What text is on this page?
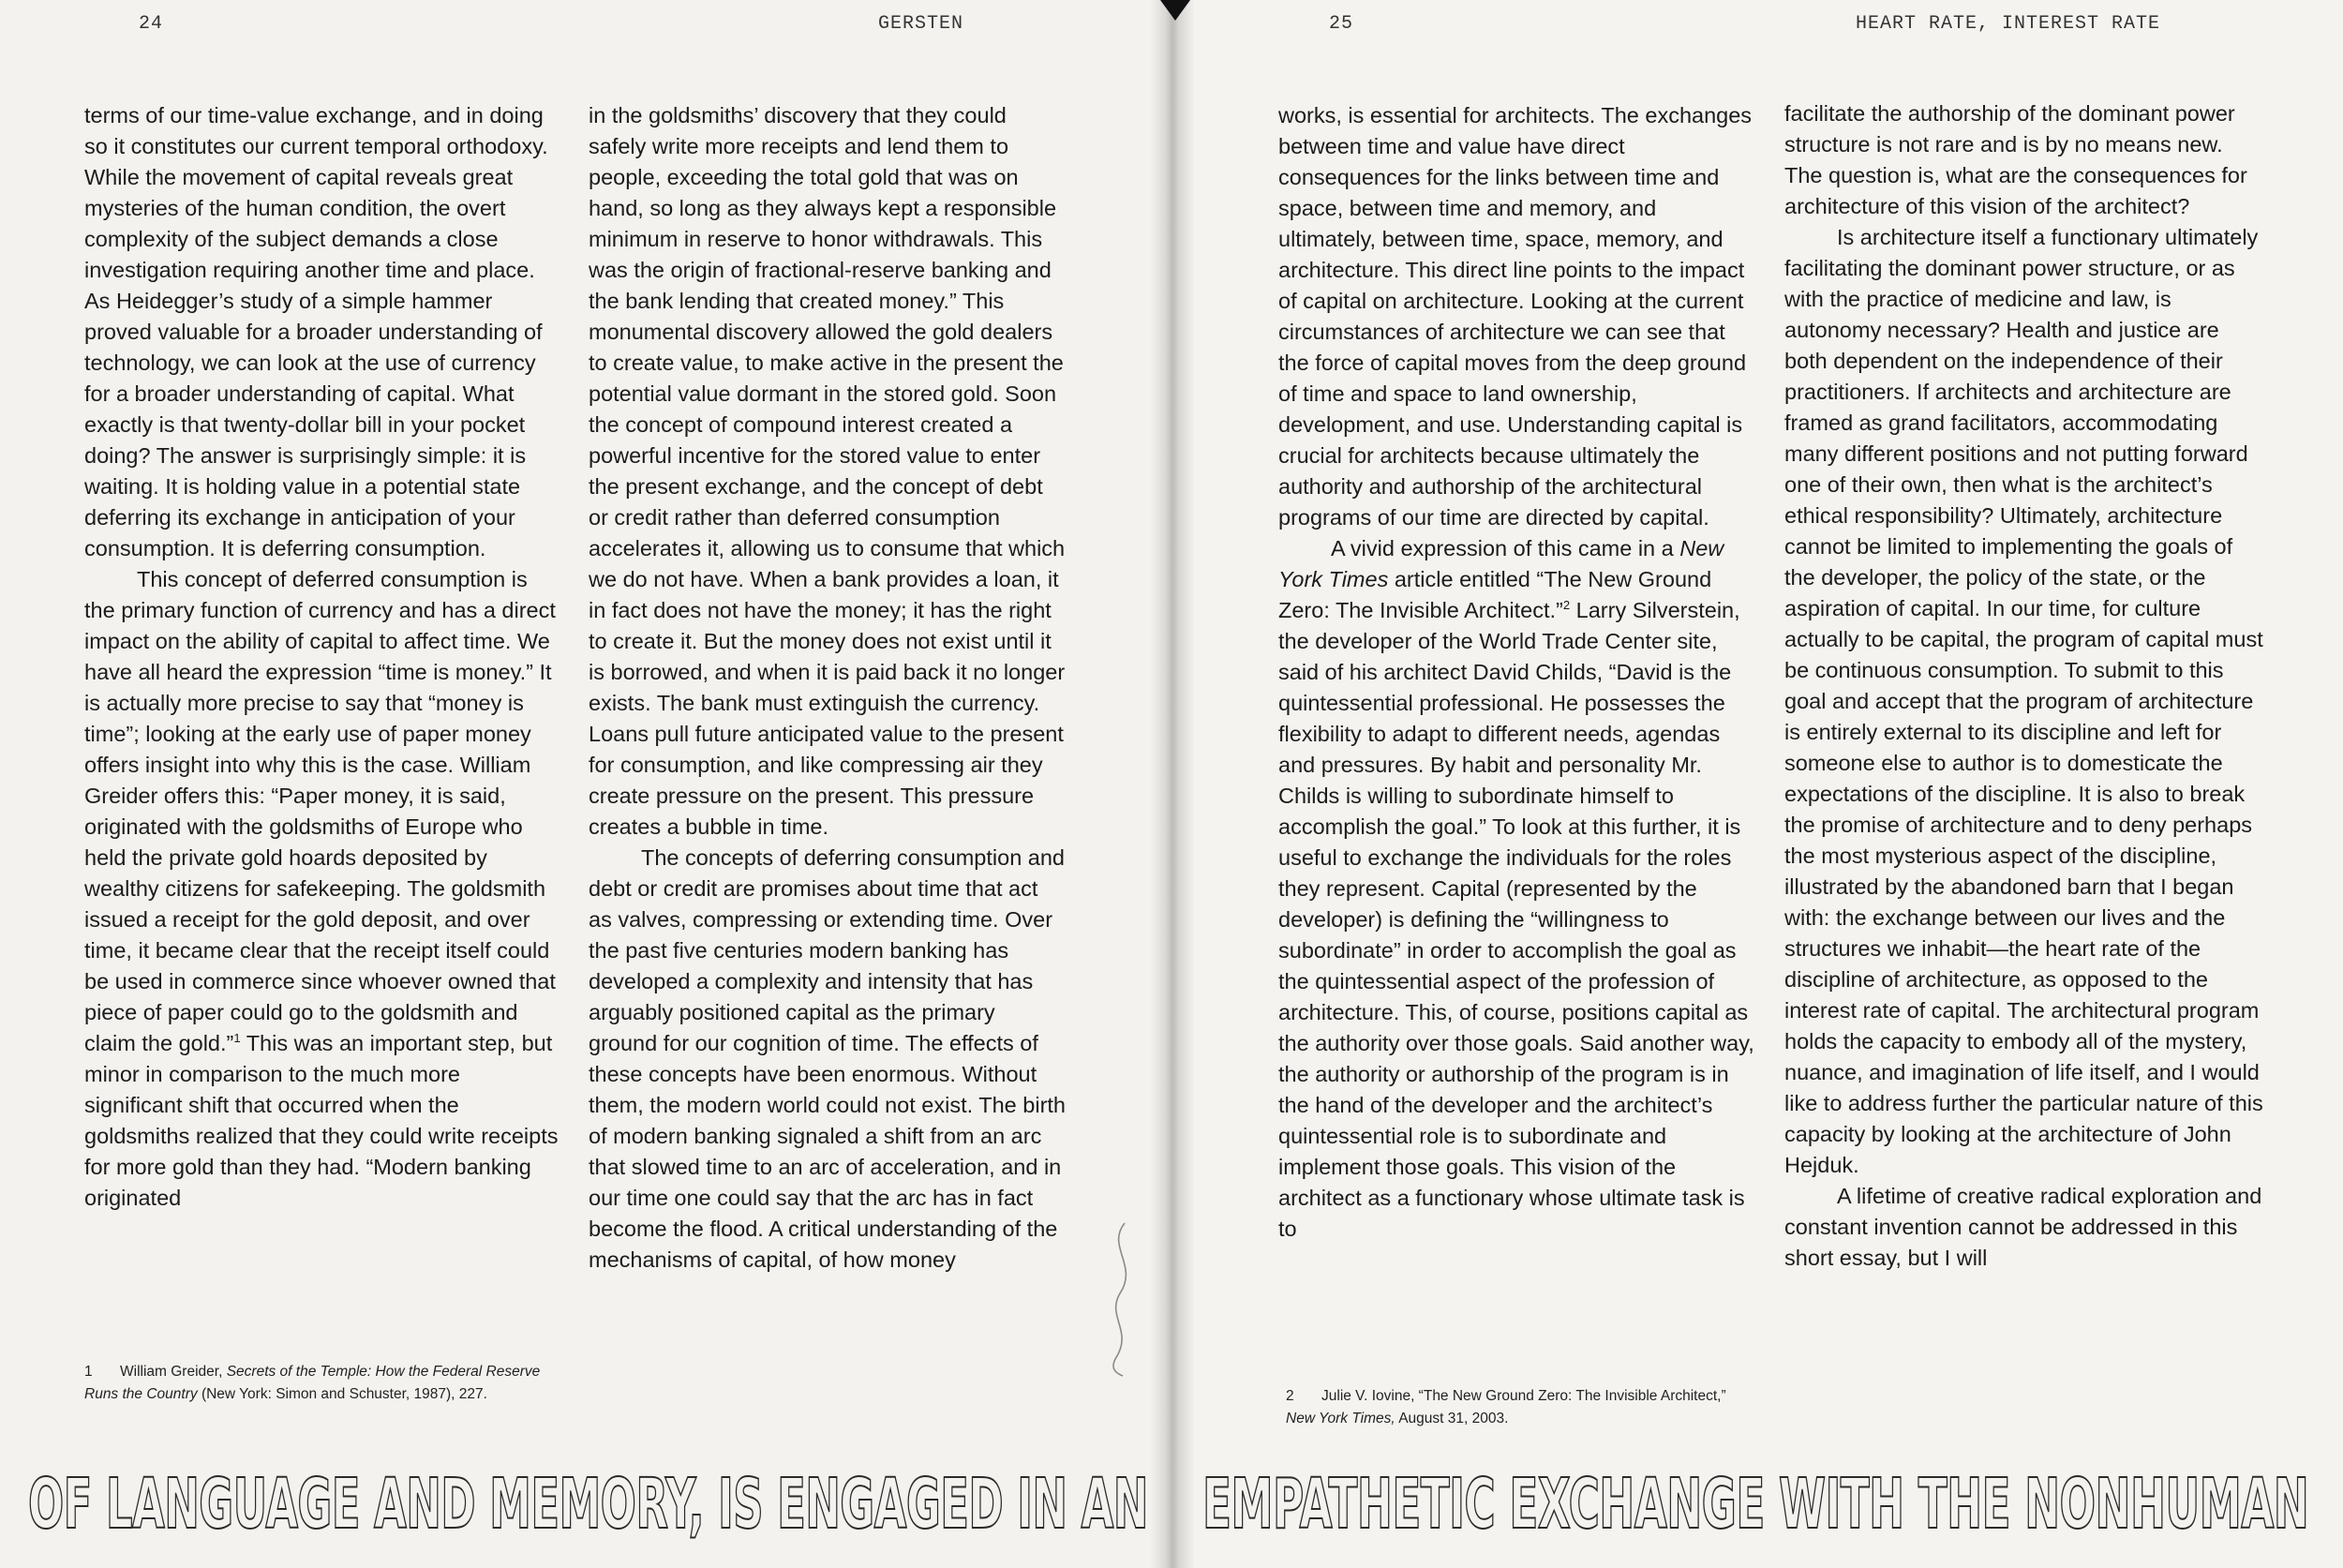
24	GERSTEN

terms of our time-value exchange, and in doing so it constitutes our current temporal orthodoxy. While the movement of capital reveals great mysteries of the human condition, the overt complexity of the subject demands a close investigation requiring another time and place. As Heidegger’s study of a simple hammer proved valuable for a broader understanding of technology, we can look at the use of currency for a broader understanding of capital. What exactly is that twenty-dollar bill in your pocket doing? The answer is surprisingly simple: it is waiting. It is holding value in a potential state deferring its exchange in anticipation of your consumption. It is deferring consumption.

This concept of deferred consumption is the primary function of currency and has a direct impact on the ability of capital to affect time. We have all heard the expression “time is money.” It is actually more precise to say that “money is time”; looking at the early use of paper money offers insight into why this is the case. William Greider offers this: “Paper money, it is said, originated with the goldsmiths of Europe who held the private gold hoards deposited by wealthy citizens for safekeeping. The goldsmith issued a receipt for the gold deposit, and over time, it became clear that the receipt itself could be used in commerce since whoever owned that piece of paper could go to the goldsmith and claim the gold.”$^1$ This was an important step, but minor in comparison to the much more significant shift that occurred when the goldsmiths realized that they could write receipts for more gold than they had. “Modern banking originated

in the goldsmiths’ discovery that they could safely write more receipts and lend them to people, exceeding the total gold that was on hand, so long as they always kept a responsible minimum in reserve to honor withdrawals. This was the origin of fractional-reserve banking and the bank lending that created money.” This monumental discovery allowed the gold dealers to create value, to make active in the present the potential value dormant in the stored gold. Soon the concept of compound interest created a powerful incentive for the stored value to enter the present exchange, and the concept of debt or credit rather than deferred consumption accelerates it, allowing us to consume that which we do not have. When a bank provides a loan, it in fact does not have the money; it has the right to create it. But the money does not exist until it is borrowed, and when it is paid back it no longer exists. The bank must extinguish the currency. Loans pull future anticipated value to the present for consumption, and like compressing air they create pressure on the present. This pressure creates a bubble in time.

The concepts of deferring consumption and debt or credit are promises about time that act as valves, compressing or extending time. Over the past five centuries modern banking has developed a complexity and intensity that has arguably positioned capital as the primary ground for our cognition of time. The effects of these concepts have been enormous. Without them, the modern world could not exist. The birth of modern banking signaled a shift from an arc that slowed time to an arc of acceleration, and in our time one could say that the arc has in fact become the flood. A critical understanding of the mechanisms of capital, of how money

1 William Greider, Secrets of the Temple: How the Federal Reserve Runs the Country (New York: Simon and Schuster, 1987), 227.
OF LANGUAGE AND MEMORY, IS ENGAGED IN AN
25	HEART RATE, INTEREST RATE

works, is essential for architects. The exchanges between time and value have direct consequences for the links between time and space, between time and memory, and ultimately, between time, space, memory, and architecture. This direct line points to the impact of capital on architecture. Looking at the current circumstances of architecture we can see that the force of capital moves from the deep ground of time and space to land ownership, development, and use. Understanding capital is crucial for architects because ultimately the authority and authorship of the architectural programs of our time are directed by capital.

A vivid expression of this came in a New York Times article entitled “The New Ground Zero: The Invisible Architect.”$^2$ Larry Silverstein, the developer of the World Trade Center site, said of his architect David Childs, “David is the quintessential professional. He possesses the flexibility to adapt to different needs, agendas and pressures. By habit and personality Mr. Childs is willing to subordinate himself to accomplish the goal.” To look at this further, it is useful to exchange the individuals for the roles they represent. Capital (represented by the developer) is defining the “willingness to subordinate” in order to accomplish the goal as the quintessential aspect of the profession of architecture. This, of course, positions capital as the authority over those goals. Said another way, the authority or authorship of the program is in the hand of the developer and the architect’s quintessential role is to subordinate and implement those goals. This vision of the architect as a functionary whose ultimate task is to

facilitate the authorship of the dominant power structure is not rare and is by no means new. The question is, what are the consequences for architecture of this vision of the architect?

Is architecture itself a functionary ultimately facilitating the dominant power structure, or as with the practice of medicine and law, is autonomy necessary? Health and justice are both dependent on the independence of their practitioners. If architects and architecture are framed as grand facilitators, accommodating many different positions and not putting forward one of their own, then what is the architect’s ethical responsibility? Ultimately, architecture cannot be limited to implementing the goals of the developer, the policy of the state, or the aspiration of capital. In our time, for culture actually to be capital, the program of capital must be continuous consumption. To submit to this goal and accept that the program of architecture is entirely external to its discipline and left for someone else to author is to domesticate the expectations of the discipline. It is also to break the promise of architecture and to deny perhaps the most mysterious aspect of the discipline, illustrated by the abandoned barn that I began with: the exchange between our lives and the structures we inhabit—the heart rate of the discipline of architecture, as opposed to the interest rate of capital. The architectural program holds the capacity to embody all of the mystery, nuance, and imagination of life itself, and I would like to address further the particular nature of this capacity by looking at the architecture of John Hejduk.

A lifetime of creative radical exploration and constant invention cannot be addressed in this short essay, but I will

2 Julie V. Iovine, “The New Ground Zero: The Invisible Architect,” New York Times, August 31, 2003.
EMPATHETIC EXCHANGE WITH THE NONHUMAN
